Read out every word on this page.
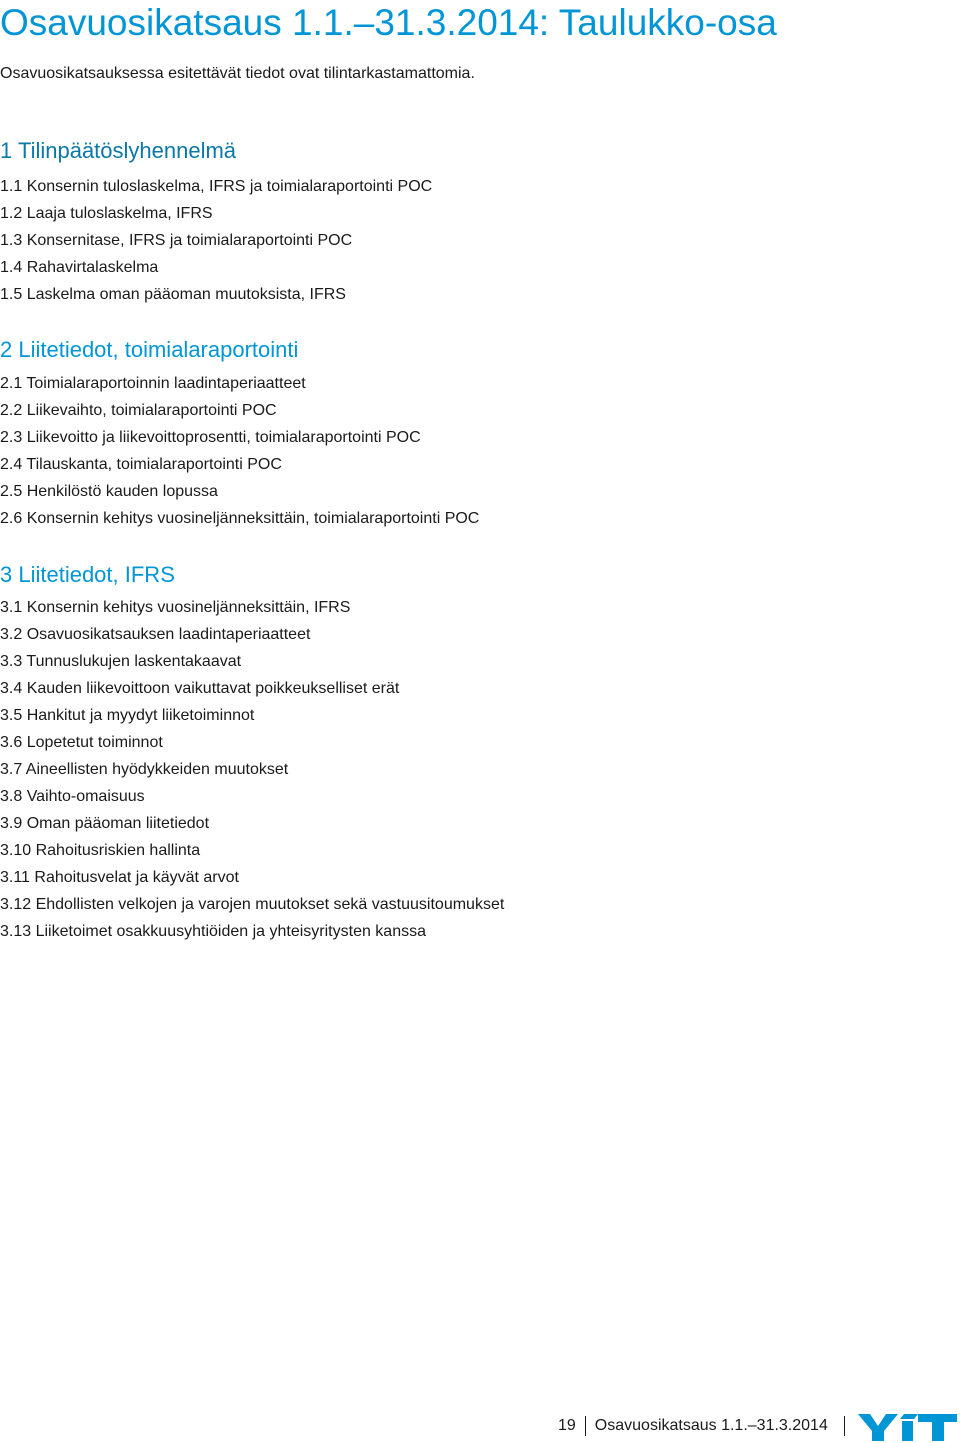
Osavuosikatsaus 1.1.–31.3.2014: Taulukko-osa

Osavuosikatsauksessa esitettävät tiedot ovat tilintarkastamattomia.

1 Tilinpäätöslyhennelmä

1.1 Konsernin tuloslaskelma, IFRS ja toimialaraportointi POC

1.2 Laaja tuloslaskelma, IFRS

1.3 Konsernitase, IFRS ja toimialaraportointi POC

1.4 Rahavirtalaskelma

1.5 Laskelma oman pääoman muutoksista, IFRS

2 Liitetiedot, toimialaraportointi

2.1 Toimialaraportoinnin laadintaperiaatteet

2.2 Liikevaihto, toimialaraportointi POC

2.3 Liikevoitto ja liikevoittoprosentti, toimialaraportointi POC

2.4 Tilauskanta, toimialaraportointi POC

2.5 Henkilöstö kauden lopussa

2.6 Konsernin kehitys vuosineljänneksittäin, toimialaraportointi POC

3 Liitetiedot, IFRS

3.1 Konsernin kehitys vuosineljänneksittäin, IFRS

3.2 Osavuosikatsauksen laadintaperiaatteet

3.3 Tunnuslukujen laskentakaavat

3.4 Kauden liikevoittoon vaikuttavat poikkeukselliset erät

3.5 Hankitut ja myydyt liiketoiminnot

3.6 Lopetetut toiminnot

3.7 Aineellisten hyödykkeiden muutokset

3.8 Vaihto-omaisuus

3.9 Oman pääoman liitetiedot

3.10 Rahoitusriskien hallinta

3.11 Rahoitusvelat ja käyvät arvot

3.12 Ehdollisten velkojen ja varojen muutokset sekä vastuusitoumukset

3.13 Liiketoimet osakkuusyhtiöiden ja yhteisyritysten kanssa

19 Osavuosikatsaus 1.1.–31.3.2014
